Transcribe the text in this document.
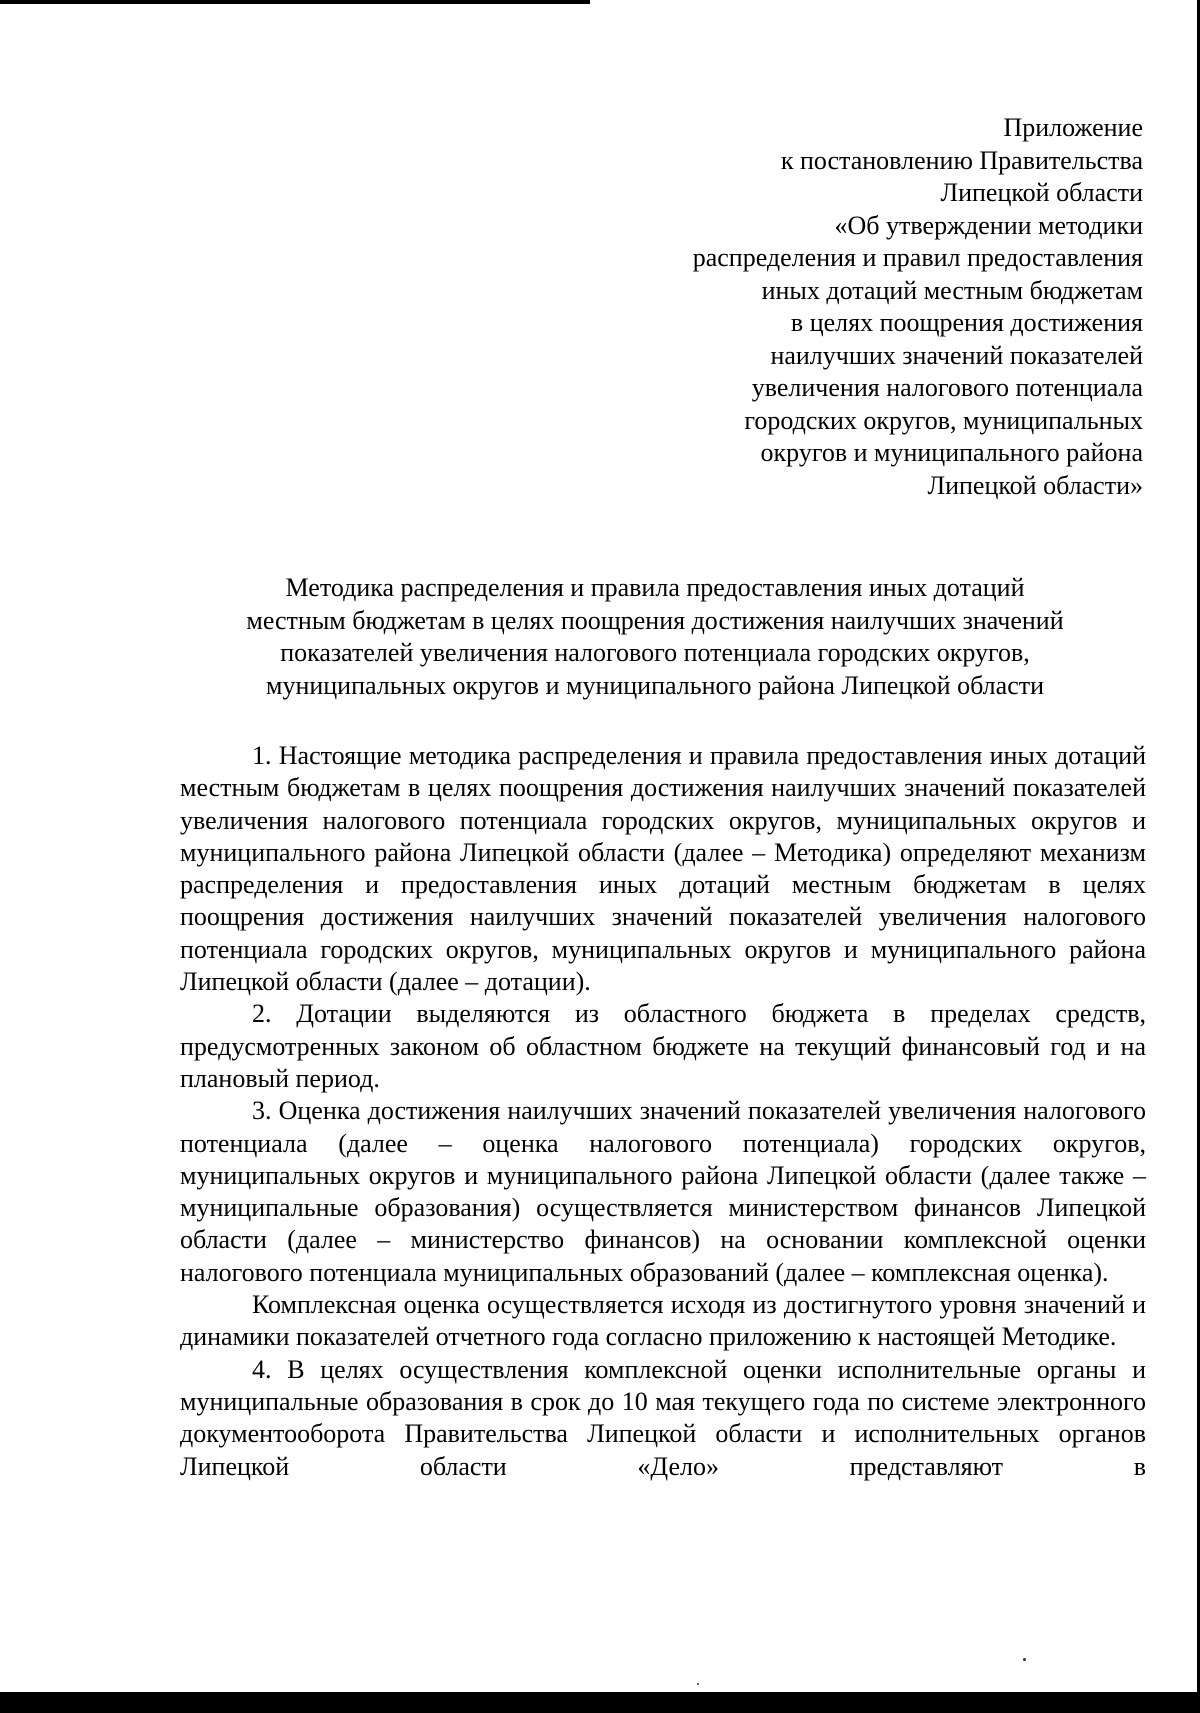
Приложение
к постановлению Правительства
Липецкой области
«Об утверждении методики
распределения и правил предоставления
иных дотаций местным бюджетам
в целях поощрения достижения
наилучших значений показателей
увеличения налогового потенциала
городских округов, муниципальных
округов и муниципального района
Липецкой области»
Методика распределения и правила предоставления иных дотаций
местным бюджетам в целях поощрения достижения наилучших значений
показателей увеличения налогового потенциала городских округов,
муниципальных округов и муниципального района Липецкой области

1. Настоящие методика распределения и правила предоставления иных дотаций местным бюджетам в целях поощрения достижения наилучших значений показателей увеличения налогового потенциала городских округов, муниципальных округов и муниципального района Липецкой области (далее – Методика) определяют механизм распределения и предоставления иных дотаций местным бюджетам в целях поощрения достижения наилучших значений показателей увеличения налогового потенциала городских округов, муниципальных округов и муниципального района Липецкой области (далее – дотации).

2. Дотации выделяются из областного бюджета в пределах средств, предусмотренных законом об областном бюджете на текущий финансовый год и на плановый период.

3. Оценка достижения наилучших значений показателей увеличения налогового потенциала (далее – оценка налогового потенциала) городских округов, муниципальных округов и муниципального района Липецкой области (далее также – муниципальные образования) осуществляется министерством финансов Липецкой области (далее – министерство финансов) на основании комплексной оценки налогового потенциала муниципальных образований (далее – комплексная оценка).

Комплексная оценка осуществляется исходя из достигнутого уровня значений и динамики показателей отчетного года согласно приложению к настоящей Методике.

4. В целях осуществления комплексной оценки исполнительные органы и муниципальные образования в срок до 10 мая текущего года по системе электронного документооборота Правительства Липецкой области и исполнительных органов Липецкой области «Дело» представляют в
